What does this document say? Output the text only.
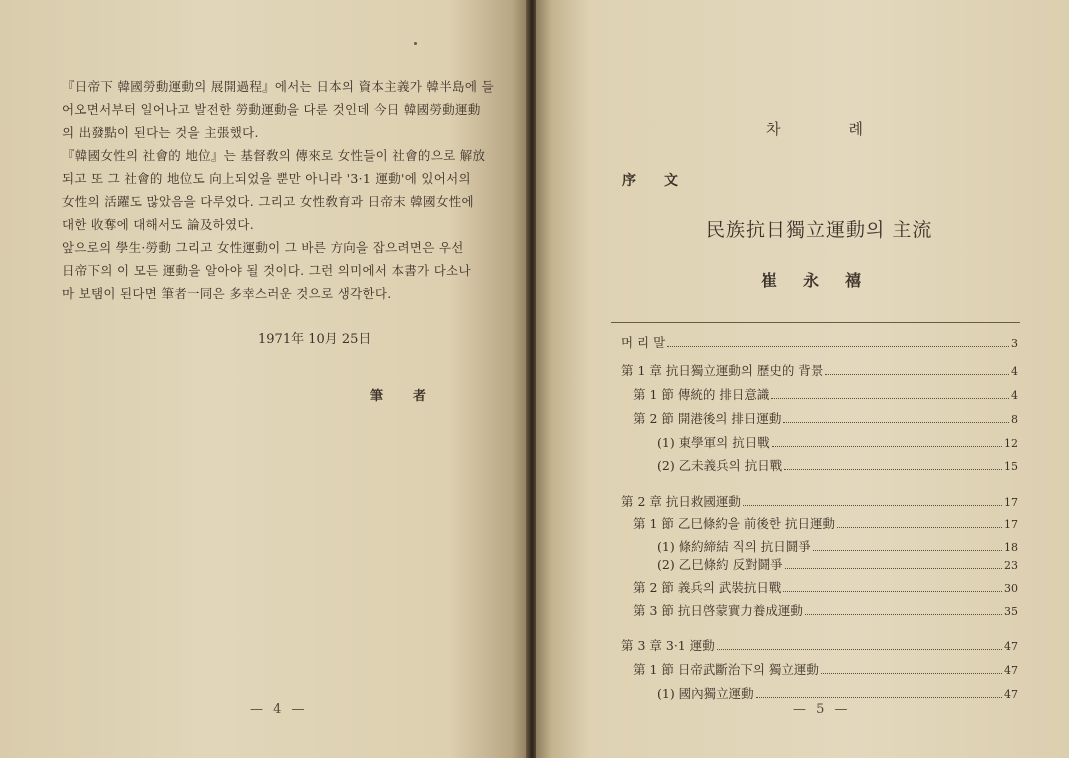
『日帝下 韓國勞動運動의 展開過程』에서는 日本의 資本主義가 韓半島에 들
어오면서부터 일어나고 발전한 勞動運動을 다룬 것인데 今日 韓國勞動運動
의 出發點이 된다는 것을 主張했다.

『韓國女性의 社會的 地位』는 基督敎의 傳來로 女性들이 社會的으로 解放
되고 또 그 社會的 地位도 向上되었을 뿐만 아니라 '3·1 運動'에 있어서의
女性의 活躍도 많았음을 다루었다. 그리고 女性敎育과 日帝末 韓國女性에
대한 收奪에 대해서도 論及하였다.

앞으로의 學生·勞動 그리고 女性運動이 그 바른 方向을 잡으려면은 우선
日帝下의 이 모든 運動을 알아야 될 것이다. 그런 의미에서 本書가 다소나
마 보탬이 된다면 筆者一同은 多幸스러운 것으로 생각한다.

1971年 10月 25日
筆者
— 4 —
차례
序文
民族抗日獨立運動의 主流
崔永禧
머 리 말	3
第 1 章 抗日獨立運動의 歷史的 背景	4
第 1 節 傳統的 排日意識	4
第 2 節 開港後의 排日運動	8
(1) 東學軍의 抗日戰	12
(2) 乙未義兵의 抗日戰	15
第 2 章 抗日救國運動	17
第 1 節 乙巳條約을 前後한 抗日運動	17
(1) 條約締結 직의 抗日鬪爭	18
(2) 乙巳條約 反對鬪爭	23
第 2 節 義兵의 武裝抗日戰	30
第 3 節 抗日啓蒙實力養成運動	35
第 3 章 3·1 運動	47
第 1 節 日帝武斷治下의 獨立運動	47
(1) 國內獨立運動	47
— 5 —
